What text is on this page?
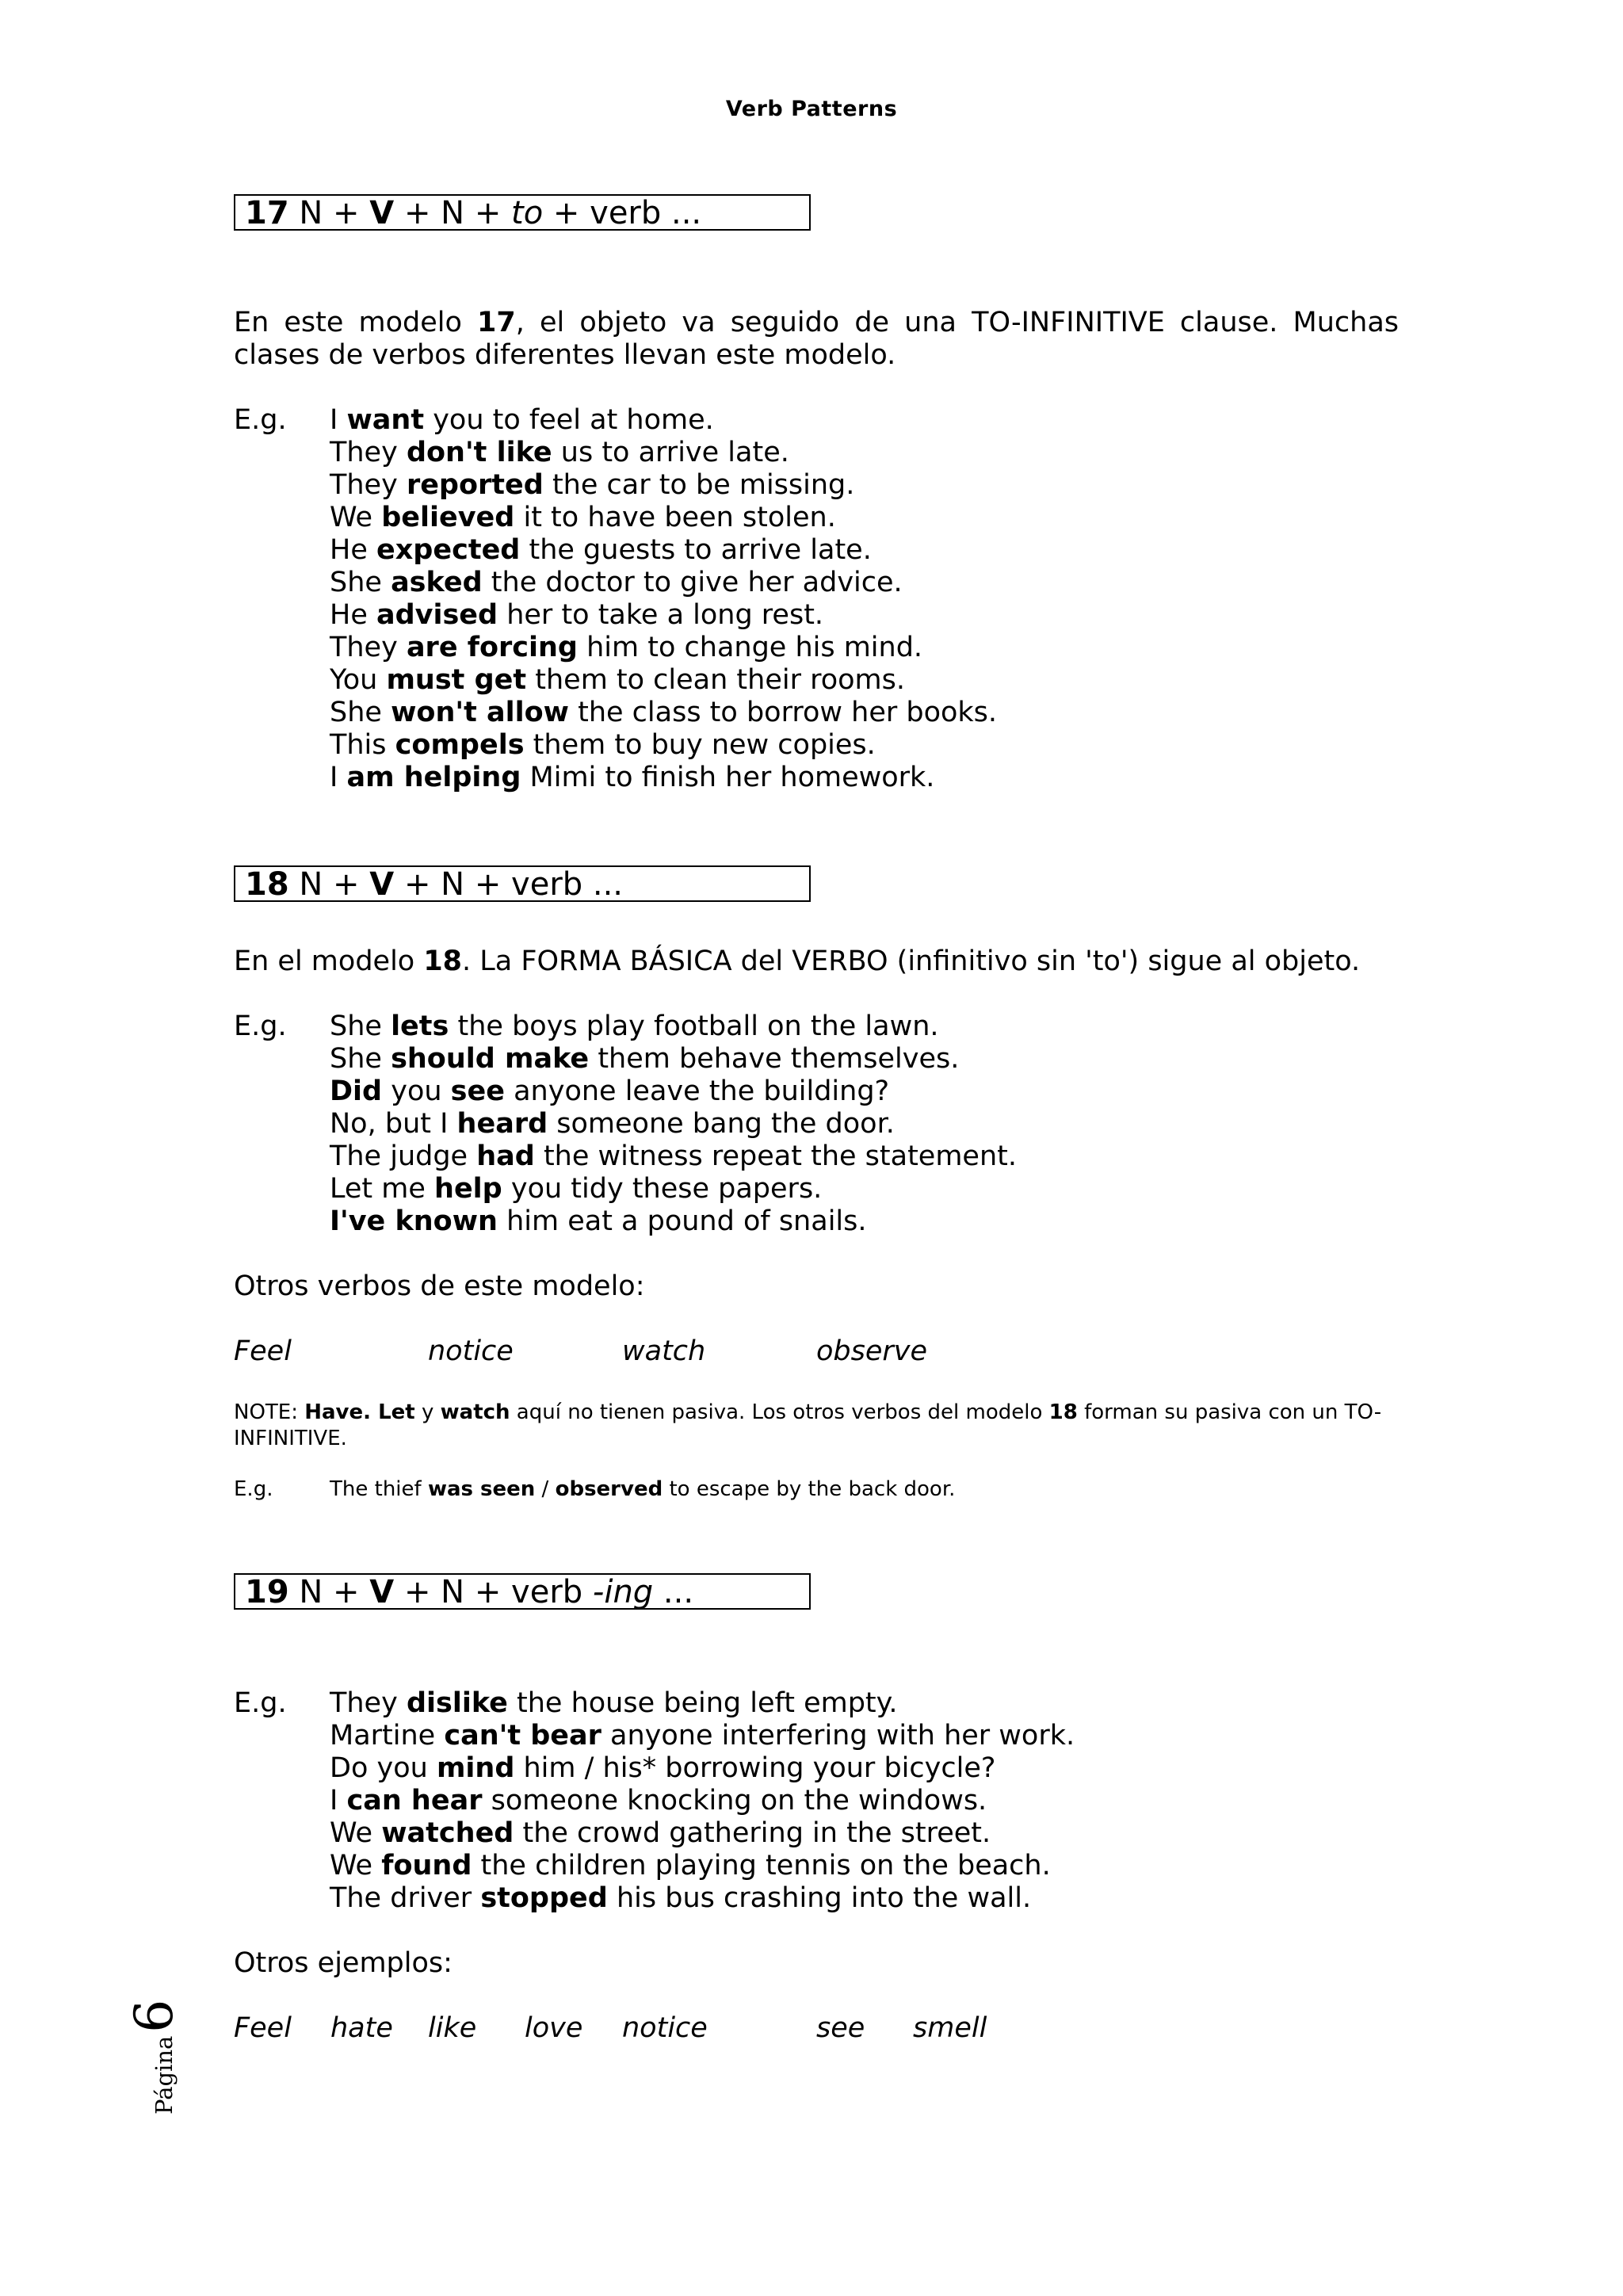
Verb Patterns
17 N + V + N + to + verb ...
En este modelo 17, el objeto va seguido de una TO-INFINITIVE clause. Muchas clases de verbos diferentes llevan este modelo.
E.g. I want you to feel at home.
They don't like us to arrive late.
They reported the car to be missing.
We believed it to have been stolen.
He expected the guests to arrive late.
She asked the doctor to give her advice.
He advised her to take a long rest.
They are forcing him to change his mind.
You must get them to clean their rooms.
She won't allow the class to borrow her books.
This compels them to buy new copies.
I am helping Mimi to finish her homework.
18 N + V + N + verb ...
En el modelo 18. La FORMA BÁSICA del VERBO (infinitivo sin 'to') sigue al objeto.
E.g. She lets the boys play football on the lawn.
She should make them behave themselves.
Did you see anyone leave the building?
No, but I heard someone bang the door.
The judge had the witness repeat the statement.
Let me help you tidy these papers.
I've known him eat a pound of snails.
Otros verbos de este modelo:
Feel	notice	watch	observe
NOTE: Have. Let y watch aquí no tienen pasiva. Los otros verbos del modelo 18 forman su pasiva con un TO-INFINITIVE.
E.g.	The thief was seen / observed to escape by the back door.
19 N + V + N + verb -ing ...
E.g. They dislike the house being left empty.
Martine can't bear anyone interfering with her work.
Do you mind him / his* borrowing your bicycle?
I can hear someone knocking on the windows.
We watched the crowd gathering in the street.
We found the children playing tennis on the beach.
The driver stopped his bus crashing into the wall.
Otros ejemplos:
Feel hate like love notice	see smell
Página6
